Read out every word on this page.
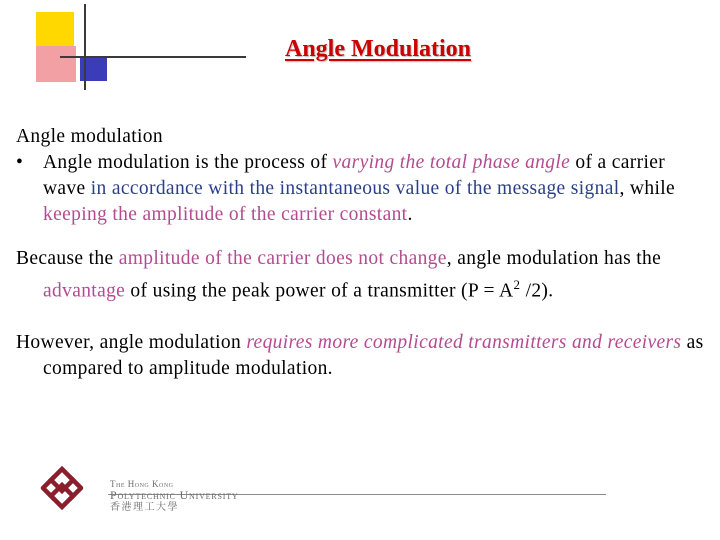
Angle Modulation

Angle modulation

• Angle modulation is the process of varying the total phase angle of a carrier wave in accordance with the instantaneous value of the message signal, while keeping the amplitude of the carrier constant.

Because the amplitude of the carrier does not change, angle modulation has the advantage of using the peak power of a transmitter ($P = A^2$ /2).

However, angle modulation requires more complicated transmitters and receivers as compared to amplitude modulation.

The Hong Kong
Polytechnic University
香港理工大學
